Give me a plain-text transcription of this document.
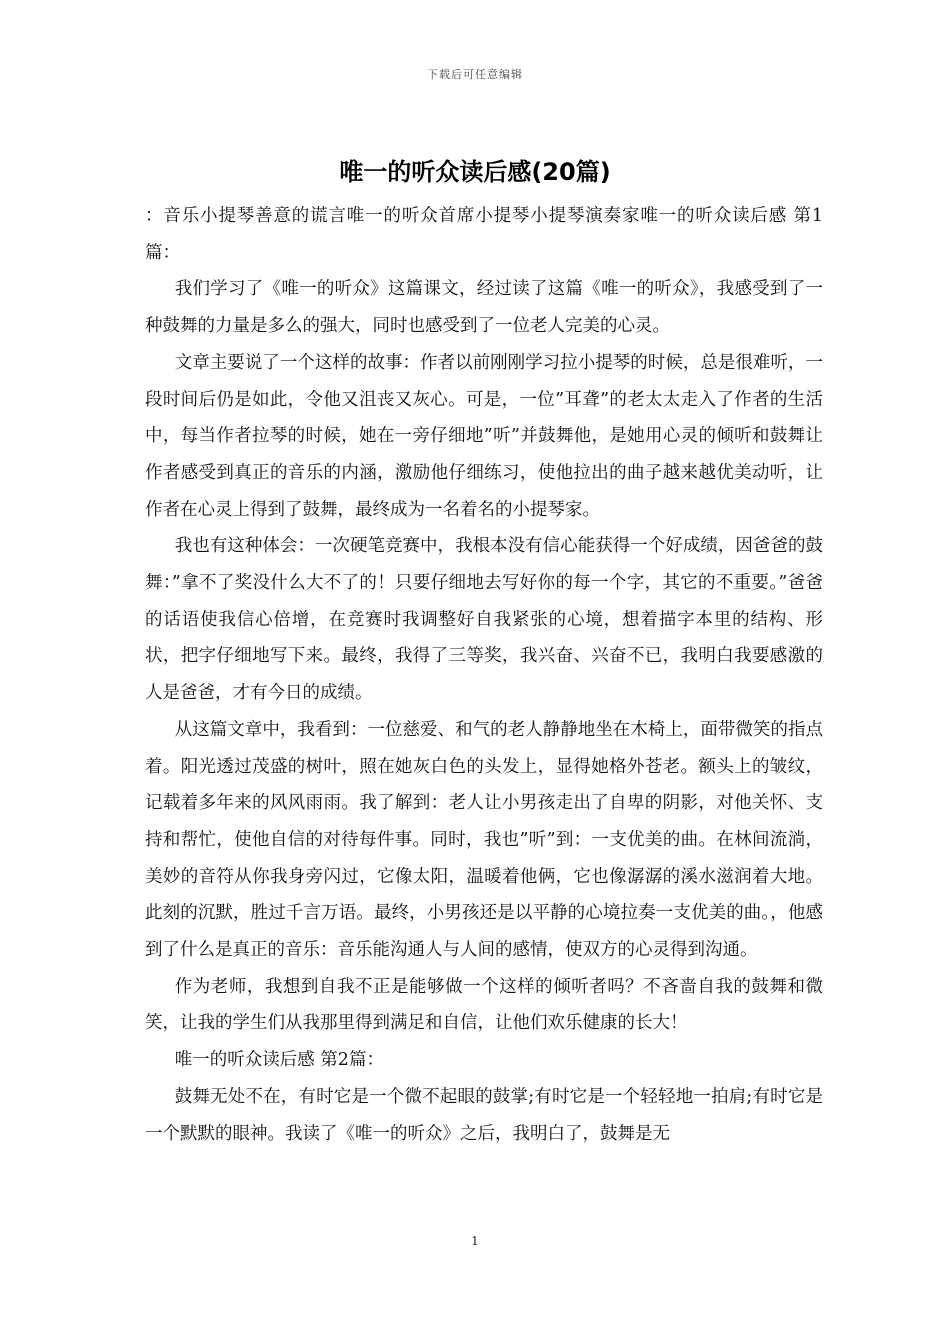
下载后可任意编辑
唯一的听众读后感(20篇)

：音乐小提琴善意的谎言唯一的听众首席小提琴小提琴演奏家唯一的听众读后感 第1篇：

我们学习了《唯一的听众》这篇课文，经过读了这篇《唯一的听众》，我感受到了一种鼓舞的力量是多么的强大，同时也感受到了一位老人完美的心灵。

文章主要说了一个这样的故事：作者以前刚刚学习拉小提琴的时候，总是很难听，一段时间后仍是如此，令他又沮丧又灰心。可是，一位”耳聋”的老太太走入了作者的生活中，每当作者拉琴的时候，她在一旁仔细地”听”并鼓舞他，是她用心灵的倾听和鼓舞让作者感受到真正的音乐的内涵，激励他仔细练习，使他拉出的曲子越来越优美动听，让作者在心灵上得到了鼓舞，最终成为一名着名的小提琴家。

我也有这种体会：一次硬笔竞赛中，我根本没有信心能获得一个好成绩，因爸爸的鼓舞：”拿不了奖没什么大不了的！只要仔细地去写好你的每一个字，其它的不重要。”爸爸的话语使我信心倍增，在竞赛时我调整好自我紧张的心境，想着描字本里的结构、形状，把字仔细地写下来。最终，我得了三等奖，我兴奋、兴奋不已，我明白我要感激的人是爸爸，才有今日的成绩。

从这篇文章中，我看到：一位慈爱、和气的老人静静地坐在木椅上，面带微笑的指点着。阳光透过茂盛的树叶，照在她灰白色的头发上，显得她格外苍老。额头上的皱纹，记载着多年来的风风雨雨。我了解到：老人让小男孩走出了自卑的阴影，对他关怀、支持和帮忙，使他自信的对待每件事。同时，我也”听”到：一支优美的曲。在林间流淌，美妙的音符从你我身旁闪过，它像太阳，温暖着他俩，它也像潺潺的溪水滋润着大地。此刻的沉默，胜过千言万语。最终，小男孩还是以平静的心境拉奏一支优美的曲。，他感到了什么是真正的音乐：音乐能沟通人与人间的感情，使双方的心灵得到沟通。

作为老师，我想到自我不正是能够做一个这样的倾听者吗？不吝啬自我的鼓舞和微笑，让我的学生们从我那里得到满足和自信，让他们欢乐健康的长大！

唯一的听众读后感 第2篇：

鼓舞无处不在，有时它是一个微不起眼的鼓掌;有时它是一个轻轻地一拍肩;有时它是一个默默的眼神。我读了《唯一的听众》之后，我明白了，鼓舞是无

1
